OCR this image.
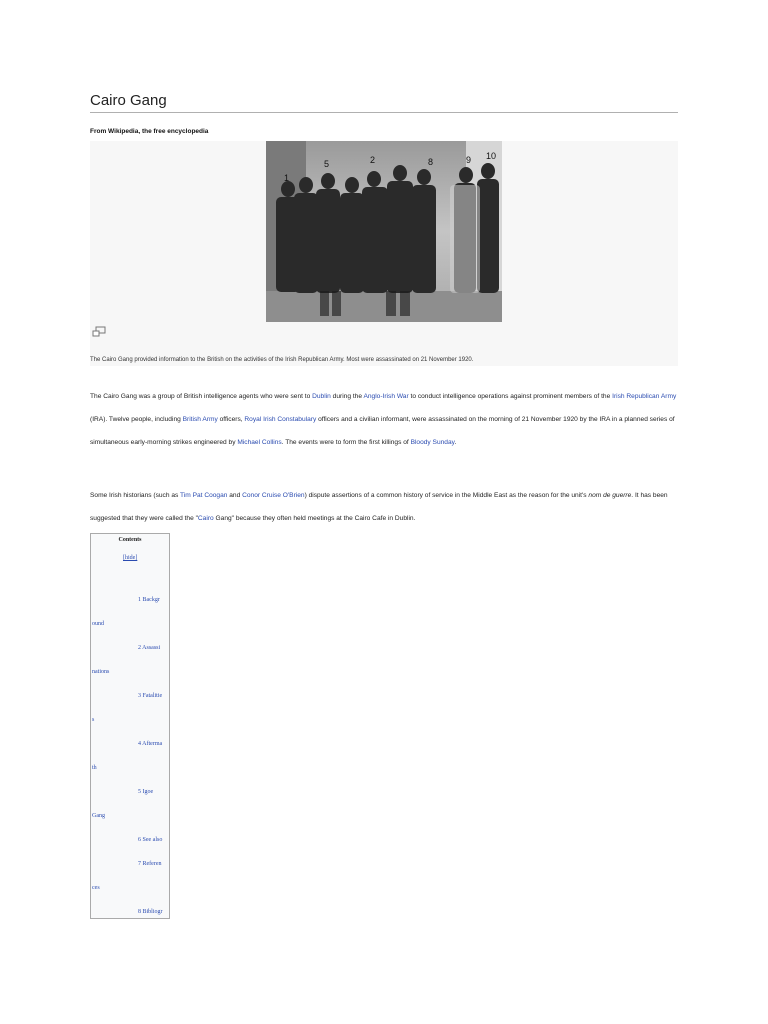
Cairo Gang
From Wikipedia, the free encyclopedia
1
5	2	8	9 10
The Cairo Gang provided information to the British on the activities of the Irish Republican Army. Most were assassinated on 21 November 1920.

The Cairo Gang was a group of British intelligence agents who were sent to Dublin during the Anglo-Irish War to conduct intelligence operations against prominent members of the Irish Republican Army (IRA). Twelve people, including British Army officers, Royal Irish Constabulary officers and a civilian informant, were assassinated on the morning of 21 November 1920 by the IRA in a planned series of simultaneous early-morning strikes engineered by Michael Collins. The events were to form the first killings of Bloody Sunday.

Some Irish historians (such as Tim Pat Coogan and Conor Cruise O'Brien) dispute assertions of a common history of service in the Middle East as the reason for the unit's nom de guerre. It has been suggested that they were called the "Cairo Gang" because they often held meetings at the Cairo Cafe in Dublin.

Contents
[hide]
1 Backgr
ound
2 Assassi
nations
3 Fatalitie
s
4 Afterma
th
5 Igoe
Gang
6 See also
7 Referen
ces
8 Bibliogr
